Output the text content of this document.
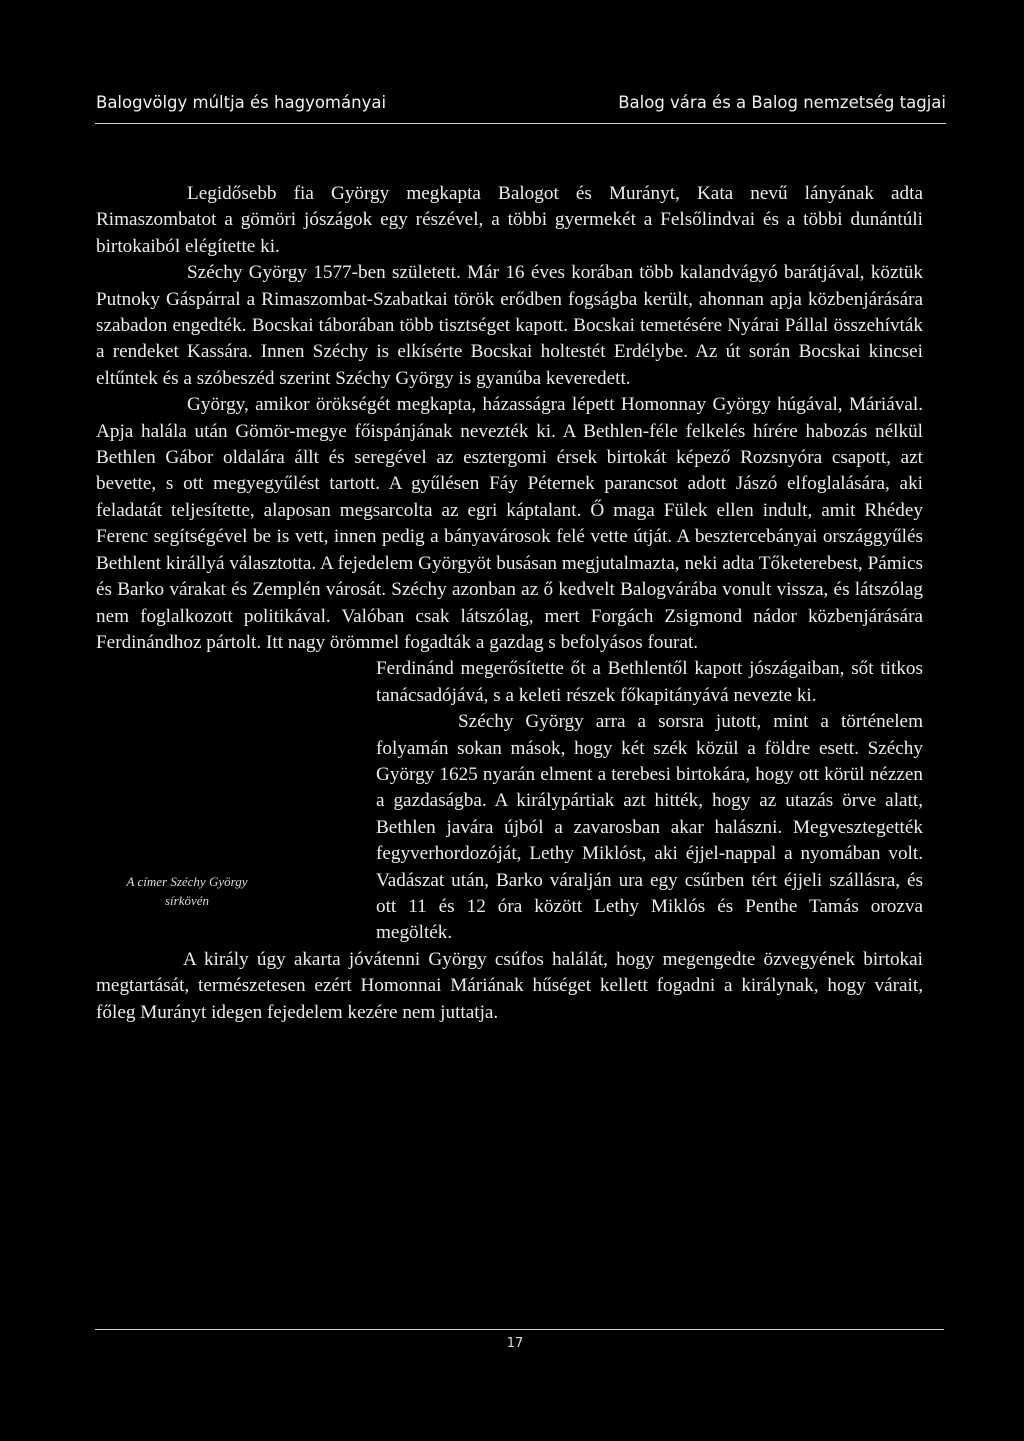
Balogvölgy múltja és hagyományai	Balog vára és a Balog nemzetség tagjai

Legidősebb fia György megkapta Balogot és Murányt, Kata nevű lányának adta Rimaszombatot a gömöri jószágok egy részével, a többi gyermekét a Felsőlindvai és a többi dunántúli birtokaiból elégítette ki.

Széchy György 1577-ben született. Már 16 éves korában több kalandvágyó barátjával, köztük Putnoky Gáspárral a Rimaszombat-Szabatkai török erődben fogságba került, ahonnan apja közbenjárására szabadon engedték. Bocskai táborában több tisztséget kapott. Bocskai temetésére Nyárai Pállal összehívták a rendeket Kassára. Innen Széchy is elkísérte Bocskai holtestét Erdélybe. Az út során Bocskai kincsei eltűntek és a szóbeszéd szerint Széchy György is gyanúba keveredett.

György, amikor örökségét megkapta, házasságra lépett Homonnay György húgával, Máriával. Apja halála után Gömör-megye főispánjának nevezték ki. A Bethlen-féle felkelés hírére habozás nélkül Bethlen Gábor oldalára állt és seregével az esztergomi érsek birtokát képező Rozsnyóra csapott, azt bevette, s ott megyegyűlést tartott. A gyűlésen Fáy Péternek parancsot adott Jászó elfoglalására, aki feladatát teljesítette, alaposan megsarcolta az egri káptalant. Ő maga Fülek ellen indult, amit Rhédey Ferenc segítségével be is vett, innen pedig a bányavárosok felé vette útját. A besztercebányai országgyűlés Bethlent királlyá választotta. A fejedelem Györgyöt busásan megjutalmazta, neki adta Tőketerebest, Pámics és Barko várakat és Zemplén városát. Széchy azonban az ő kedvelt Balogvárába vonult vissza, és látszólag nem foglalkozott politikával. Valóban csak látszólag, mert Forgách Zsigmond nádor közbenjárására Ferdinándhoz pártolt. Itt nagy örömmel fogadták a gazdag s befolyásos fourat.

A címer Széchy György
sírkövén

Ferdinánd megerősítette őt a Bethlentől kapott jószágaiban, sőt titkos tanácsadójává, s a keleti részek főkapitányává nevezte ki.

Széchy György arra a sorsra jutott, mint a történelem folyamán sokan mások, hogy két szék közül a földre esett. Széchy György 1625 nyarán elment a terebesi birtokára, hogy ott körül nézzen a gazdaságba. A királypártiak azt hitték, hogy az utazás örve alatt, Bethlen javára újból a zavarosban akar halászni. Megvesztegették fegyverhordozóját, Lethy Miklóst, aki éjjel-nappal a nyomában volt. Vadászat után, Barko váralján ura egy csűrben tért éjjeli szállásra, és ott 11 és 12 óra között Lethy Miklós és Penthe Tamás orozva megölték.

A király úgy akarta jóvátenni György csúfos halálát, hogy megengedte özvegyének birtokai megtartását, természetesen ezért Homonnai Máriának hűséget kellett fogadni a királynak, hogy várait, főleg Murányt idegen fejedelem kezére nem juttatja.

17
